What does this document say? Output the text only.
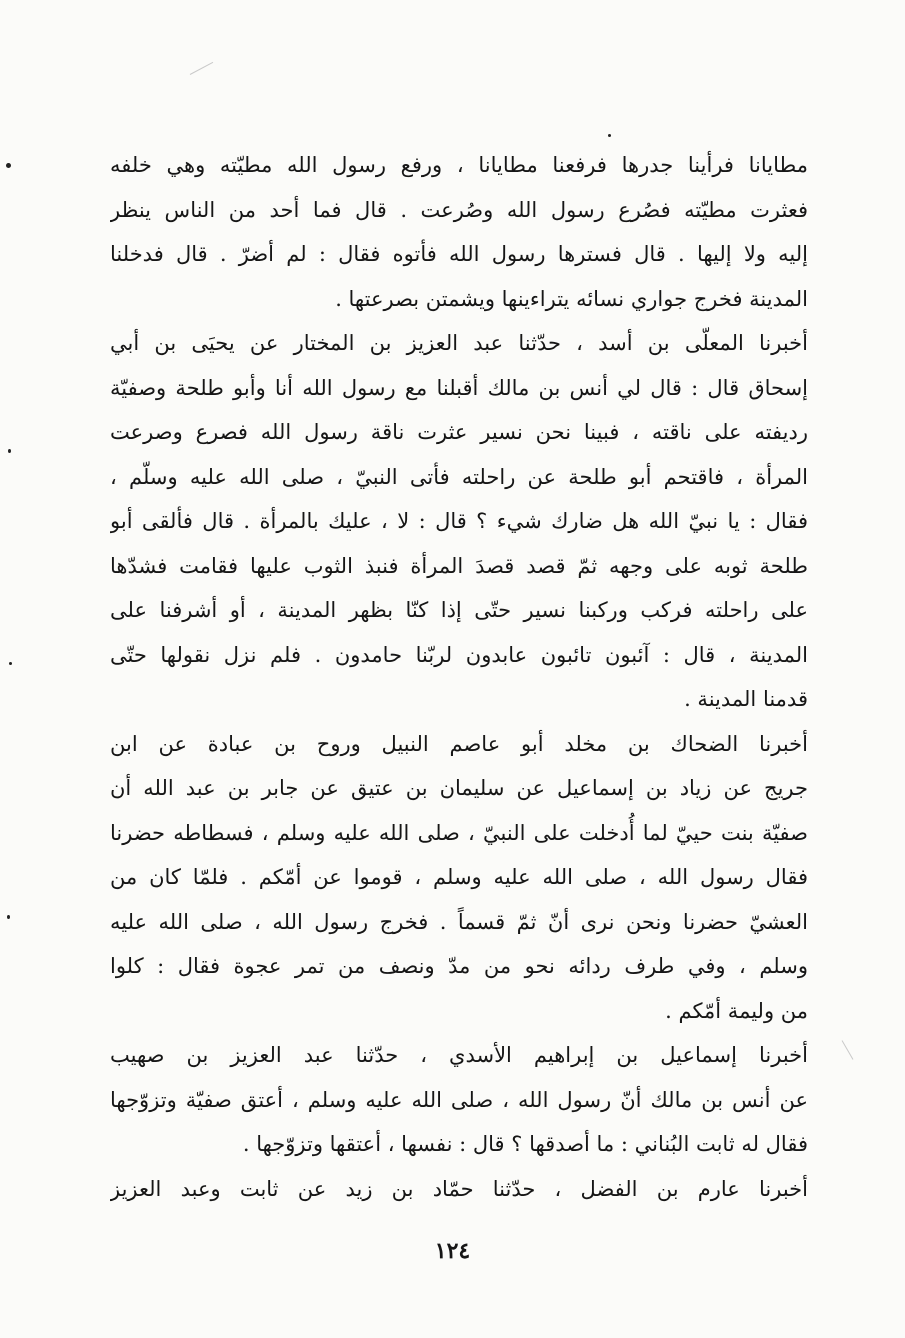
مطايانا فرأينا جدرها فرفعنا مطايانا ، ورفع رسول الله مطيّته وهي خلفه
فعثرت مطيّته فصُرع رسول الله وصُرعت . قال فما أحد من الناس ينظر
إليه ولا إليها . قال فسترها رسول الله فأتوه فقال : لم أضرّ . قال فدخلنا
المدينة فخرج جواري نسائه يتراءينها ويشمتن بصرعتها .
أخبرنا المعلّى بن أسد ، حدّثنا عبد العزيز بن المختار عن يحيَى بن أبي
إسحاق قال : قال لي أنس بن مالك أقبلنا مع رسول الله أنا وأبو طلحة وصفيّة
رديفته على ناقته ، فبينا نحن نسير عثرت ناقة رسول الله فصرع وصرعت
المرأة ، فاقتحم أبو طلحة عن راحلته فأتى النبيّ ، صلى الله عليه وسلّم ،
فقال : يا نبيّ الله هل ضارك شيء ؟ قال : لا ، عليك بالمرأة . قال فألقى أبو
طلحة ثوبه على وجهه ثمّ قصد قصدَ المرأة فنبذ الثوب عليها فقامت فشدّها
على راحلته فركب وركبنا نسير حتّى إذا كنّا بظهر المدينة ، أو أشرفنا على
المدينة ، قال : آئبون تائبون عابدون لربّنا حامدون . فلم نزل نقولها حتّى
قدمنا المدينة .
أخبرنا الضحاك بن مخلد أبو عاصم النبيل وروح بن عبادة عن ابن
جريج عن زياد بن إسماعيل عن سليمان بن عتيق عن جابر بن عبد الله أن
صفيّة بنت حييّ لما أُدخلت على النبيّ ، صلى الله عليه وسلم ، فسطاطه حضرنا
فقال رسول الله ، صلى الله عليه وسلم ، قوموا عن أمّكم . فلمّا كان من
العشيّ حضرنا ونحن نرى أنّ ثمّ قسماً . فخرج رسول الله ، صلى الله عليه
وسلم ، وفي طرف ردائه نحو من مدّ ونصف من تمر عجوة فقال : كلوا
من وليمة أمّكم .
أخبرنا إسماعيل بن إبراهيم الأسدي ، حدّثنا عبد العزيز بن صهيب
عن أنس بن مالك أنّ رسول الله ، صلى الله عليه وسلم ، أعتق صفيّة وتزوّجها
فقال له ثابت البُناني : ما أصدقها ؟ قال : نفسها ، أعتقها وتزوّجها .
أخبرنا عارم بن الفضل ، حدّثنا حمّاد بن زيد عن ثابت وعبد العزيز
١٢٤
